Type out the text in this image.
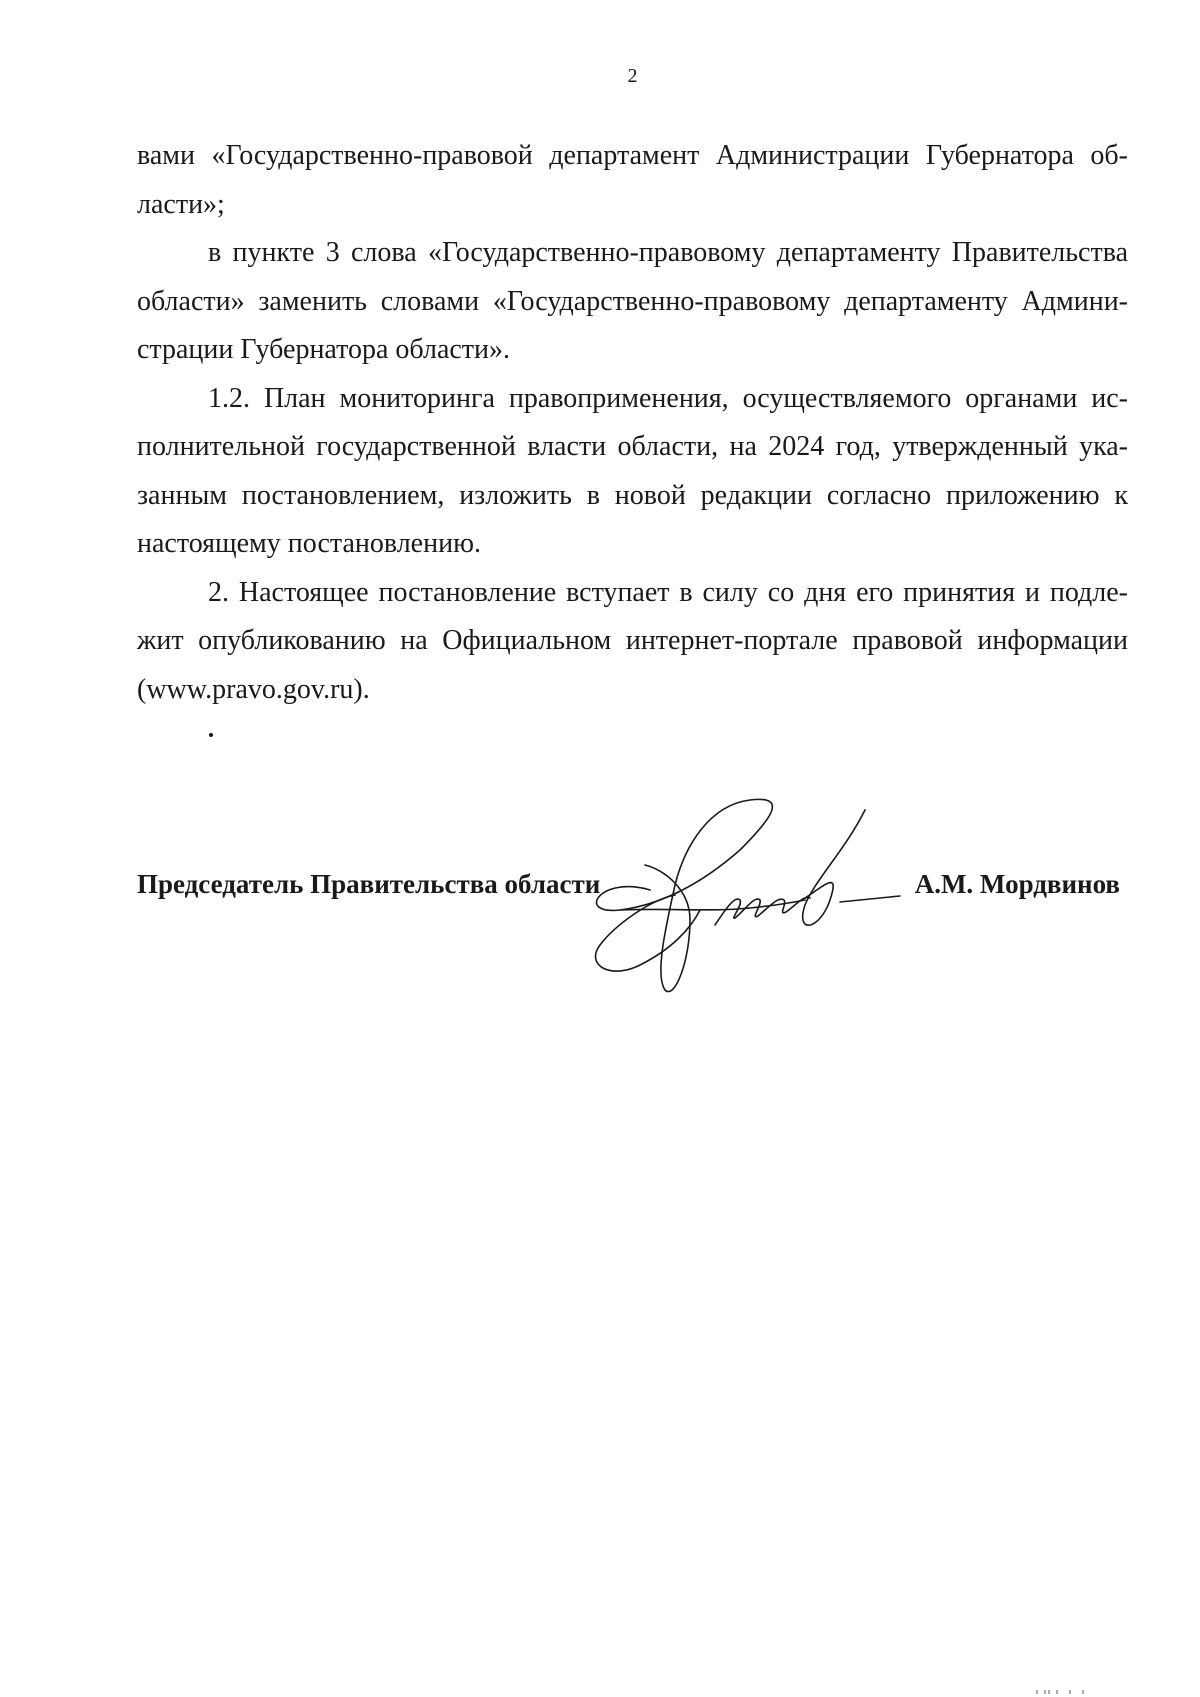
2

вами «Государственно-правовой департамент Администрации Губернатора об-ласти»;

в пункте 3 слова «Государственно-правовому департаменту Правительства области» заменить словами «Государственно-правовому департаменту Админи-страции Губернатора области».

1.2. План мониторинга правоприменения, осуществляемого органами ис-полнительной государственной власти области, на 2024 год, утвержденный ука-занным постановлением, изложить в новой редакции согласно приложению к настоящему постановлению.

2. Настоящее постановление вступает в силу со дня его принятия и подле-жит опубликованию на Официальном интернет-портале правовой информации (www.pravo.gov.ru).

Председатель Правительства области	А.М. Мордвинов
